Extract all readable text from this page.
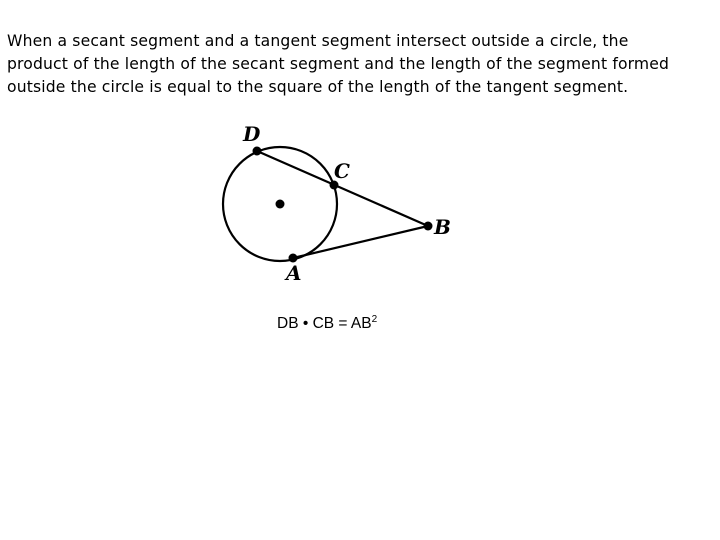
When a secant segment and a tangent segment intersect outside a circle, the
product of the length of the secant segment and the length of the segment formed
outside the circle is equal to the square of the length of the tangent segment.
D
C
B
A
DB • CB = $AB^2$
